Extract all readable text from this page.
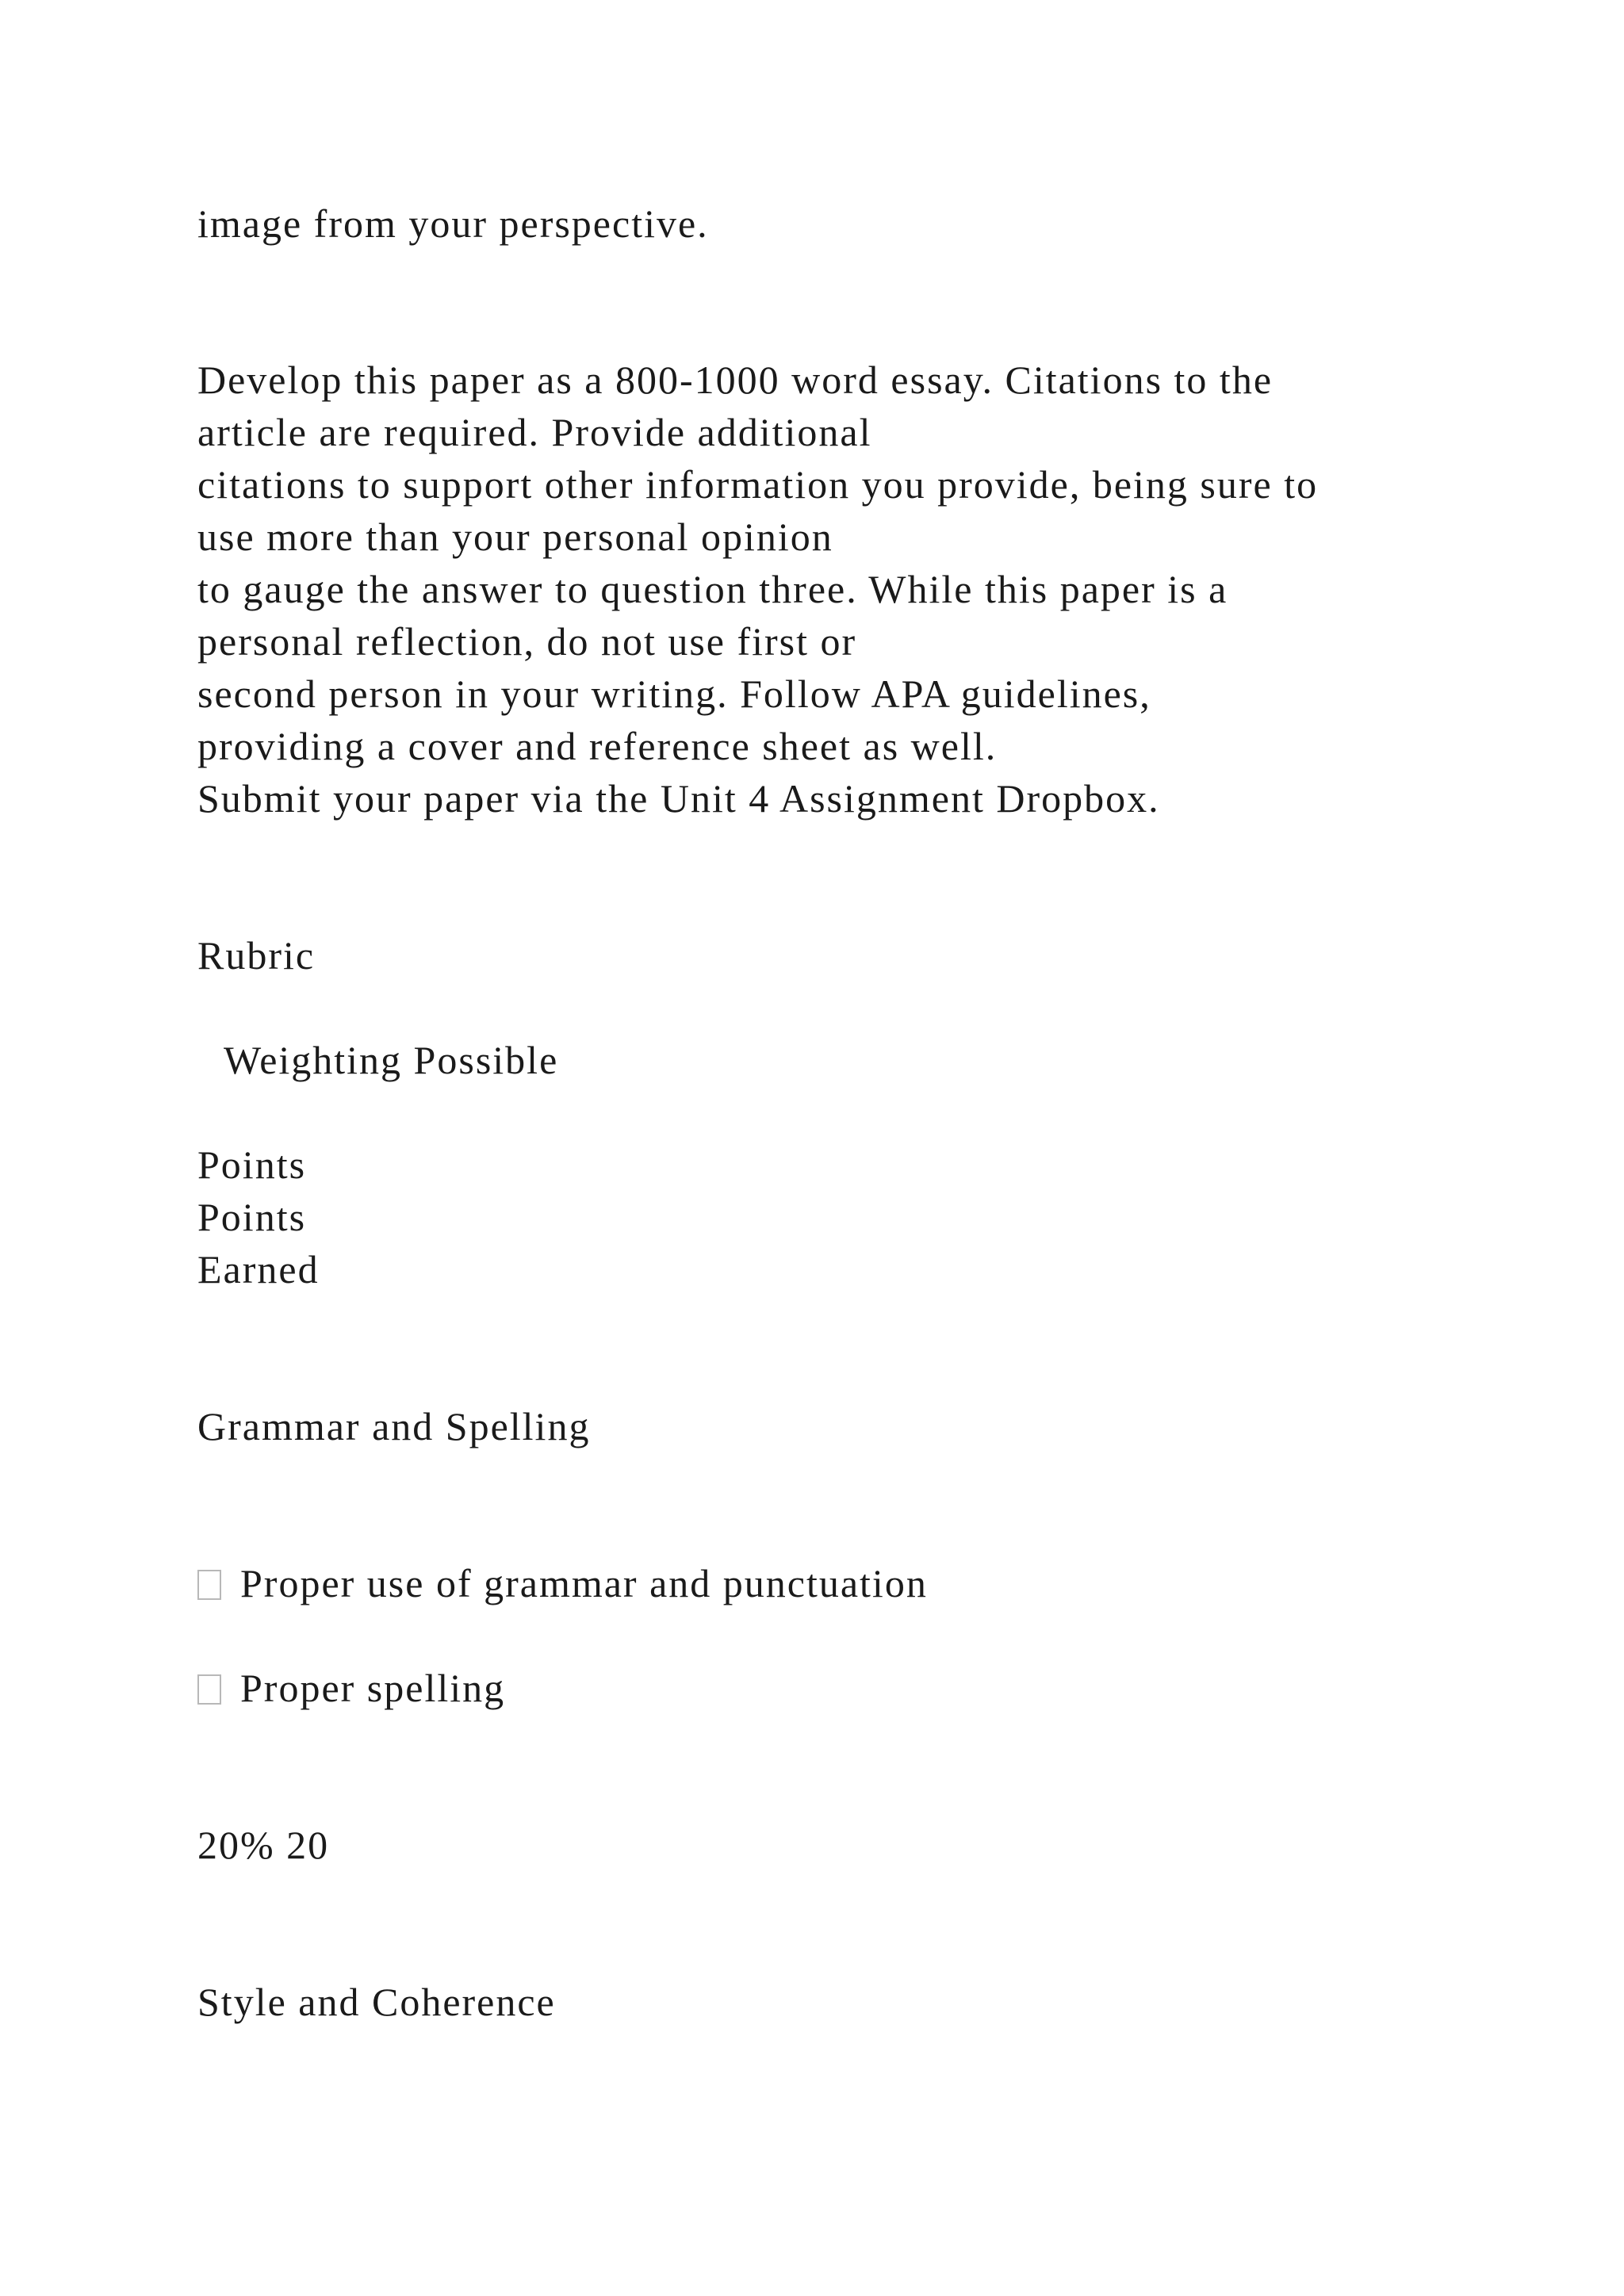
image from your perspective.
Develop this paper as a 800-1000 word essay. Citations to the
article are required. Provide additional
citations to support other information you provide, being sure to
use more than your personal opinion
to gauge the answer to question three. While this paper is a
personal reflection, do not use first or
second person in your writing. Follow APA guidelines,
providing a cover and reference sheet as well.
Submit your paper via the Unit 4 Assignment Dropbox.
Rubric
Weighting Possible
Points
Points
Earned
Grammar and Spelling
Proper use of grammar and punctuation
Proper spelling
20% 20
Style and Coherence
